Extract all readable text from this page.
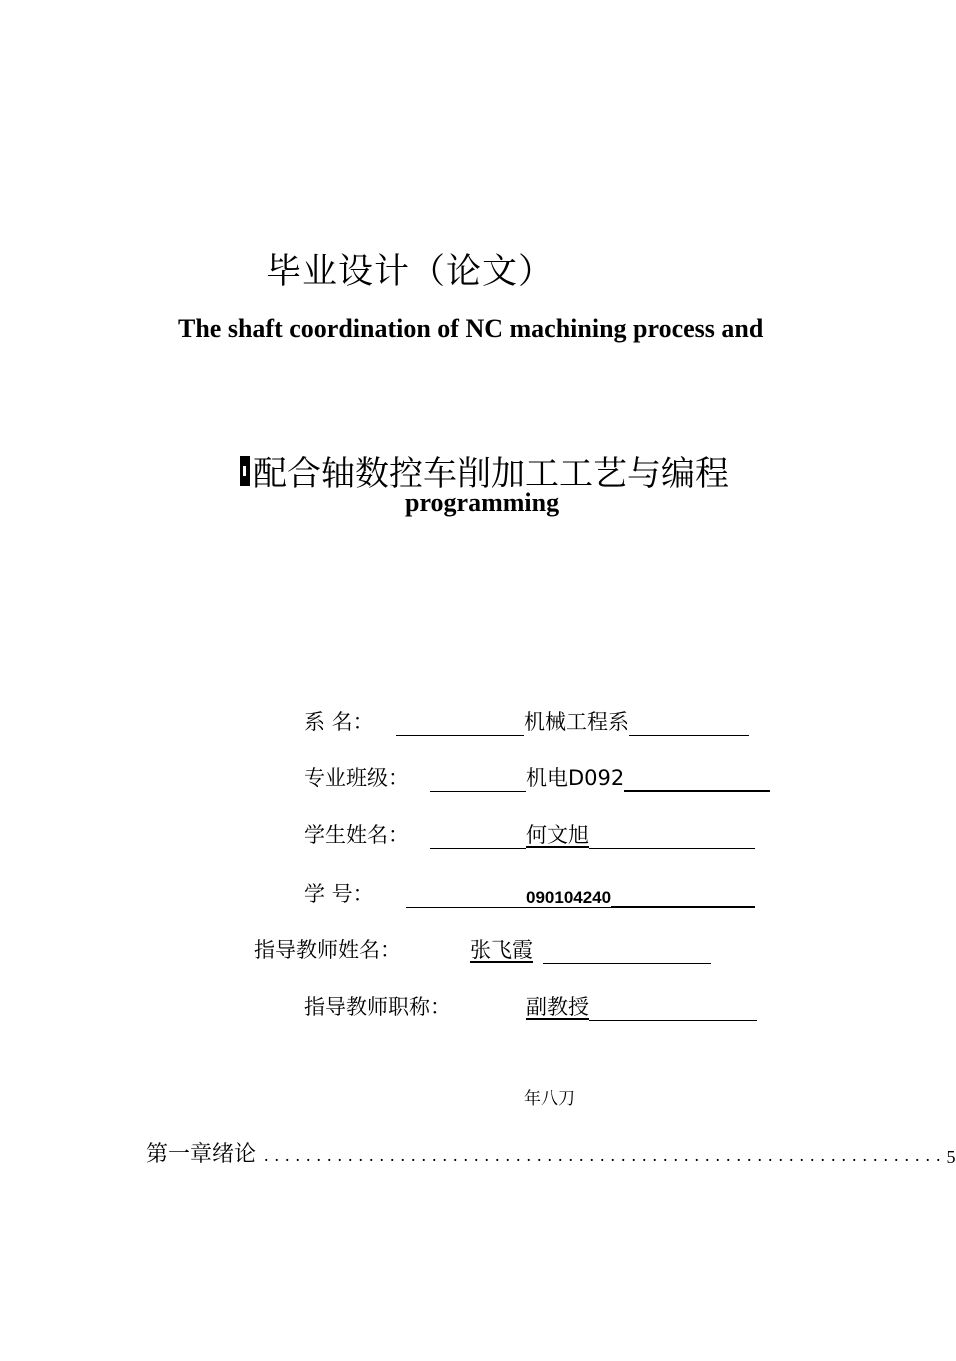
毕业设计（论文）
The shaft coordination of NC machining process and
配合轴数控车削加工工艺与编程
programming
系 名：	机械工程系
专业班级：	机电D092
学生姓名：	何文旭
学 号：	090104240
指导教师姓名：	张飞霞
指导教师职称：	副教授
年八刀
第一章绪论 ................................................................. 5
